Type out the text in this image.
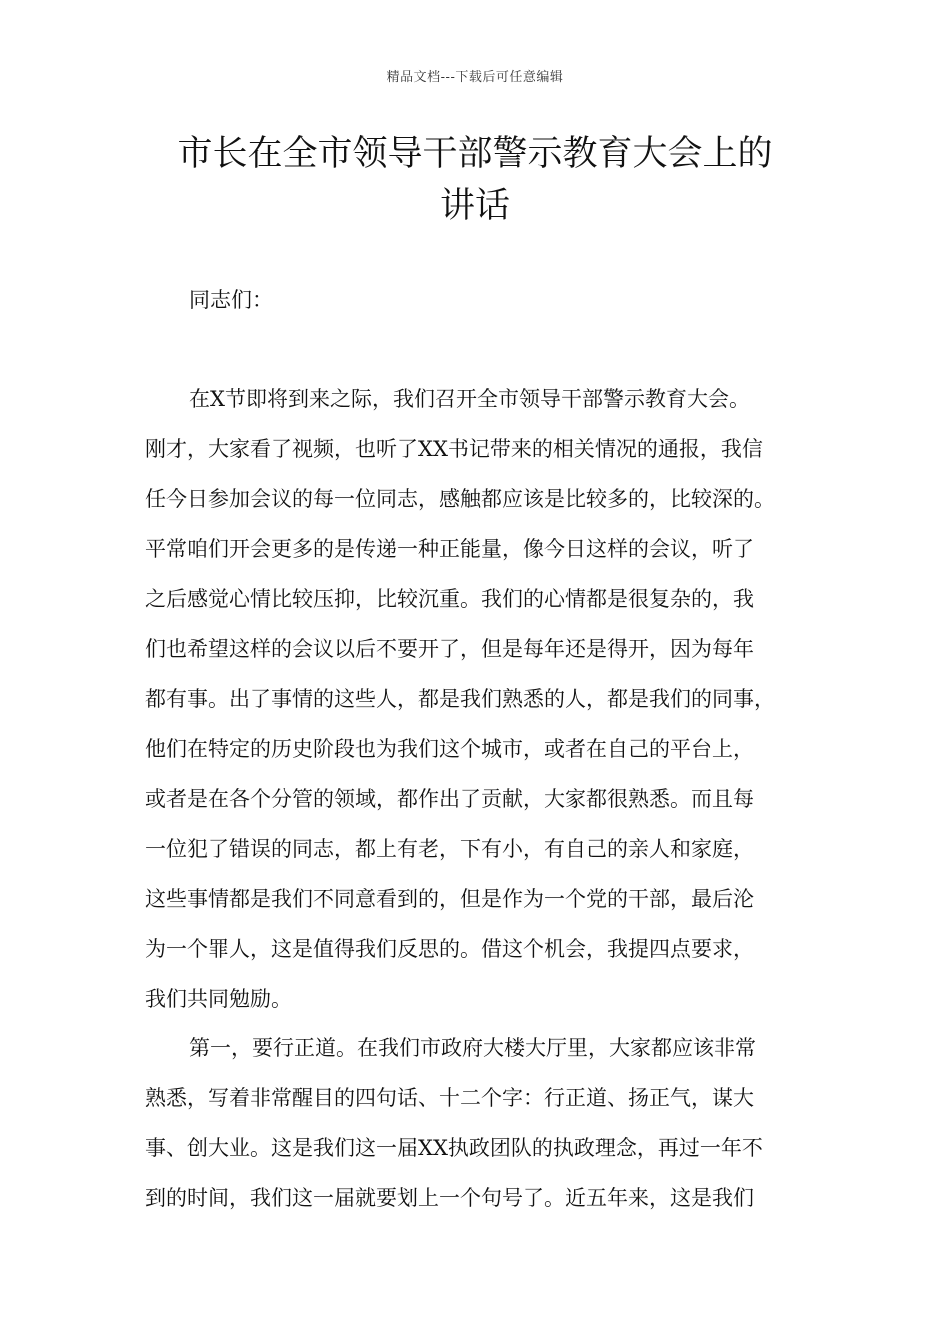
精品文档---下载后可任意编辑
市长在全市领导干部警示教育大会上的
讲话

同志们：

在X节即将到来之际，我们召开全市领导干部警示教育大会。
刚才，大家看了视频，也听了XX书记带来的相关情况的通报，我信
任今日参加会议的每一位同志，感触都应该是比较多的，比较深的。
平常咱们开会更多的是传递一种正能量，像今日这样的会议，听了
之后感觉心情比较压抑，比较沉重。我们的心情都是很复杂的，我
们也希望这样的会议以后不要开了，但是每年还是得开，因为每年
都有事。出了事情的这些人，都是我们熟悉的人，都是我们的同事，
他们在特定的历史阶段也为我们这个城市，或者在自己的平台上，
或者是在各个分管的领域，都作出了贡献，大家都很熟悉。而且每
一位犯了错误的同志，都上有老，下有小，有自己的亲人和家庭，
这些事情都是我们不同意看到的，但是作为一个党的干部，最后沦
为一个罪人，这是值得我们反思的。借这个机会，我提四点要求，
我们共同勉励。
第一，要行正道。在我们市政府大楼大厅里，大家都应该非常
熟悉，写着非常醒目的四句话、十二个字：行正道、扬正气，谋大
事、创大业。这是我们这一届XX执政团队的执政理念，再过一年不
到的时间，我们这一届就要划上一个句号了。近五年来，这是我们
